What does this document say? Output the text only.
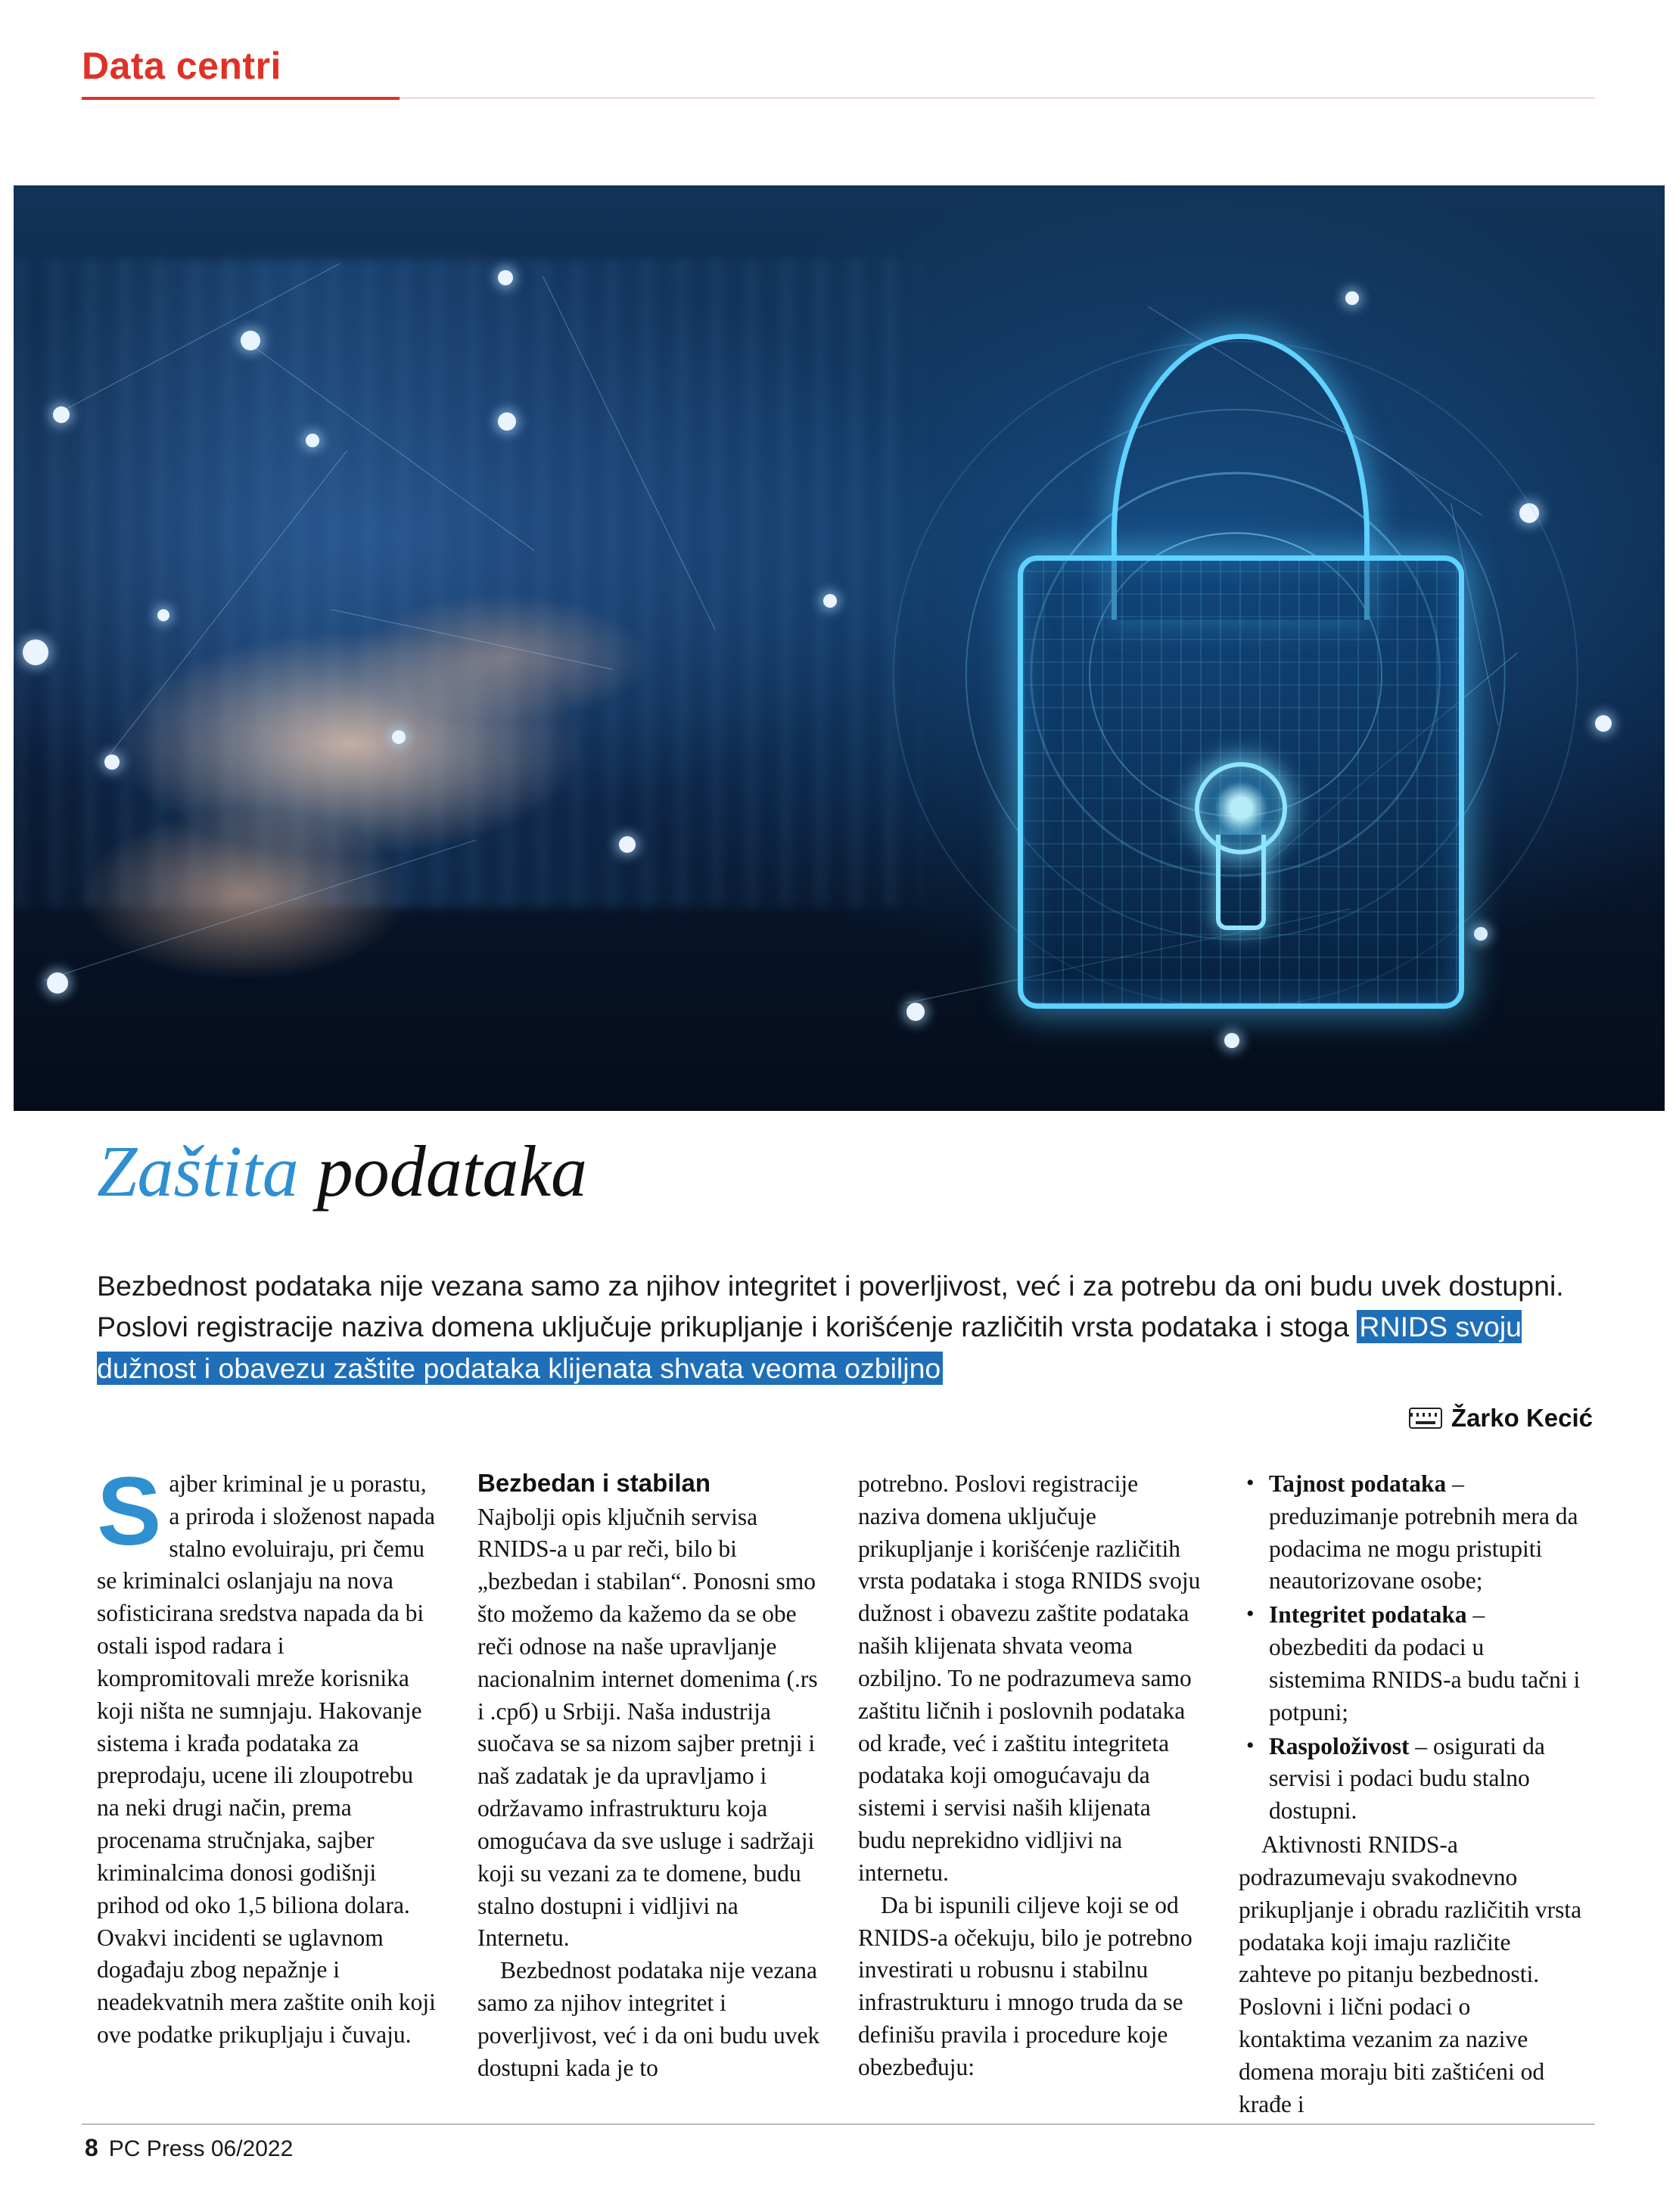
Data centri
Zaštita podataka
Bezbednost podataka nije vezana samo za njihov integritet i poverljivost, već i za potrebu da oni budu uvek dostupni. Poslovi registracije naziva domena uključuje prikupljanje i korišćenje različitih vrsta podataka i stoga RNIDS svoju dužnost i obavezu zaštite podataka klijenata shvata veoma ozbiljno
Žarko Kecić

Sajber kriminal je u porastu, a priroda i složenost napada stalno evoluiraju, pri čemu se kriminalci oslanjaju na nova sofisticirana sredstva napada da bi ostali ispod radara i kompromitovali mreže korisnika koji ništa ne sumnjaju. Hakovanje sistema i krađa podataka za preprodaju, ucene ili zloupotrebu na neki drugi način, prema procenama stručnjaka, sajber kriminalcima donosi godišnji prihod od oko 1,5 biliona dolara. Ovakvi incidenti se uglavnom događaju zbog nepažnje i neadekvatnih mera zaštite onih koji ove podatke prikupljaju i čuvaju.

Bezbedan i stabilan

Najbolji opis ključnih servisa RNIDS-a u par reči, bilo bi „bezbedan i stabilan“. Ponosni smo što možemo da kažemo da se obe reči odnose na naše upravljanje nacionalnim internet domenima (.rs i .срб) u Srbiji. Naša industrija suočava se sa nizom sajber pretnji i naš zadatak je da upravljamo i održavamo infrastrukturu koja omogućava da sve usluge i sadržaji koji su vezani za te domene, budu stalno dostupni i vidljivi na Internetu.

Bezbednost podataka nije vezana samo za njihov integritet i poverljivost, već i da oni budu uvek dostupni kada je to

potrebno. Poslovi registracije naziva domena uključuje prikupljanje i korišćenje različitih vrsta podataka i stoga RNIDS svoju dužnost i obavezu zaštite podataka naših klijenata shvata veoma ozbiljno. To ne podrazumeva samo zaštitu ličnih i poslovnih podataka od krađe, već i zaštitu integriteta podataka koji omogućavaju da sistemi i servisi naših klijenata budu neprekidno vidljivi na internetu.

Da bi ispunili ciljeve koji se od RNIDS-a očekuju, bilo je potrebno investirati u robusnu i stabilnu infrastrukturu i mnogo truda da se definišu pravila i procedure koje obezbeđuju:

• Tajnost podataka – preduzimanje potrebnih mera da podacima ne mogu pristupiti neautorizovane osobe;
• Integritet podataka – obezbediti da podaci u sistemima RNIDS-a budu tačni i potpuni;
• Raspoloživost – osigurati da servisi i podaci budu stalno dostupni.

Aktivnosti RNIDS-a podrazumevaju svakodnevno prikupljanje i obradu različitih vrsta podataka koji imaju različite zahteve po pitanju bezbednosti. Poslovni i lični podaci o kontaktima vezanim za nazive domena moraju biti zaštićeni od krađe i

8 PC Press 06/2022
